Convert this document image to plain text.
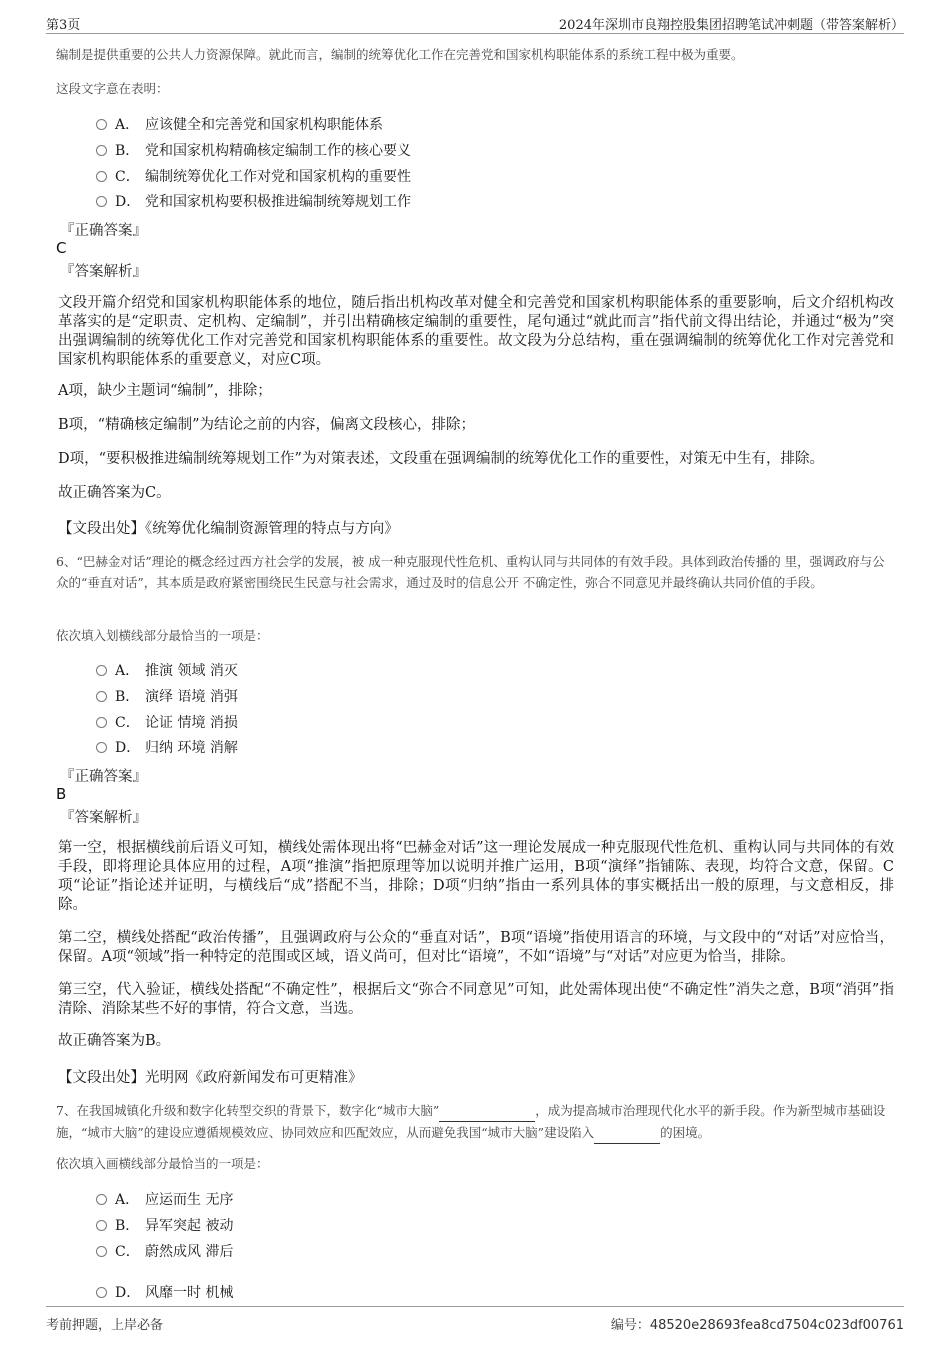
第3页	2024年深圳市良翔控股集团招聘笔试冲刺题（带答案解析）
编制是提供重要的公共人力资源保障。就此而言，编制的统筹优化工作在完善党和国家机构职能体系的系统工程中极为重要。
这段文字意在表明：
A． 应该健全和完善党和国家机构职能体系
B． 党和国家机构精确核定编制工作的核心要义
C． 编制统筹优化工作对党和国家机构的重要性
D． 党和国家机构要积极推进编制统筹规划工作
『正确答案』
C
『答案解析』
文段开篇介绍党和国家机构职能体系的地位，随后指出机构改革对健全和完善党和国家机构职能体系的重要影响，后文介绍机构改革落实的是“定职责、定机构、定编制”，并引出精确核定编制的重要性，尾句通过“就此而言”指代前文得出结论，并通过“极为”突出强调编制的统筹优化工作对完善党和国家机构职能体系的重要性。故文段为分总结构，重在强调编制的统筹优化工作对完善党和国家机构职能体系的重要意义，对应C项。
A项，缺少主题词“编制”，排除；
B项，“精确核定编制”为结论之前的内容，偏离文段核心，排除；
D项，“要积极推进编制统筹规划工作”为对策表述，文段重在强调编制的统筹优化工作的重要性，对策无中生有，排除。
故正确答案为C。
【文段出处】《统筹优化编制资源管理的特点与方向》
6、“巴赫金对话”理论的概念经过西方社会学的发展，被 成一种克服现代性危机、重构认同与共同体的有效手段。具体到政治传播的 里，强调政府与公众的“垂直对话”，其本质是政府紧密围绕民生民意与社会需求，通过及时的信息公开 不确定性，弥合不同意见并最终确认共同价值的手段。
依次填入划横线部分最恰当的一项是：
A． 推演 领域 消灭
B． 演绎 语境 消弭
C． 论证 情境 消损
D． 归纳 环境 消解
『正确答案』
B
『答案解析』
第一空，根据横线前后语义可知，横线处需体现出将“巴赫金对话”这一理论发展成一种克服现代性危机、重构认同与共同体的有效手段，即将理论具体应用的过程，A项“推演”指把原理等加以说明并推广运用，B项“演绎”指铺陈、表现，均符合文意，保留。C项“论证”指论述并证明，与横线后“成”搭配不当，排除；D项“归纳”指由一系列具体的事实概括出一般的原理，与文意相反，排除。
第二空，横线处搭配“政治传播”，且强调政府与公众的“垂直对话”，B项“语境”指使用语言的环境，与文段中的“对话”对应恰当，保留。A项“领域”指一种特定的范围或区域，语义尚可，但对比“语境”，不如“语境”与“对话”对应更为恰当，排除。
第三空，代入验证，横线处搭配“不确定性”，根据后文“弥合不同意见”可知，此处需体现出使“不确定性”消失之意，B项“消弭”指清除、消除某些不好的事情，符合文意，当选。
故正确答案为B。
【文段出处】光明网《政府新闻发布可更精准》
7、在我国城镇化升级和数字化转型交织的背景下，数字化“城市大脑”	，成为提高城市治理现代化水平的新手段。作为新型城市基础设施，“城市大脑”的建设应遵循规模效应、协同效应和匹配效应，从而避免我国“城市大脑”建设陷入	的困境。
依次填入画横线部分最恰当的一项是：
A． 应运而生 无序
B． 异军突起 被动
C． 蔚然成风 滞后
D． 风靡一时 机械
考前押题，上岸必备	编号：48520e28693fea8cd7504c023df00761
